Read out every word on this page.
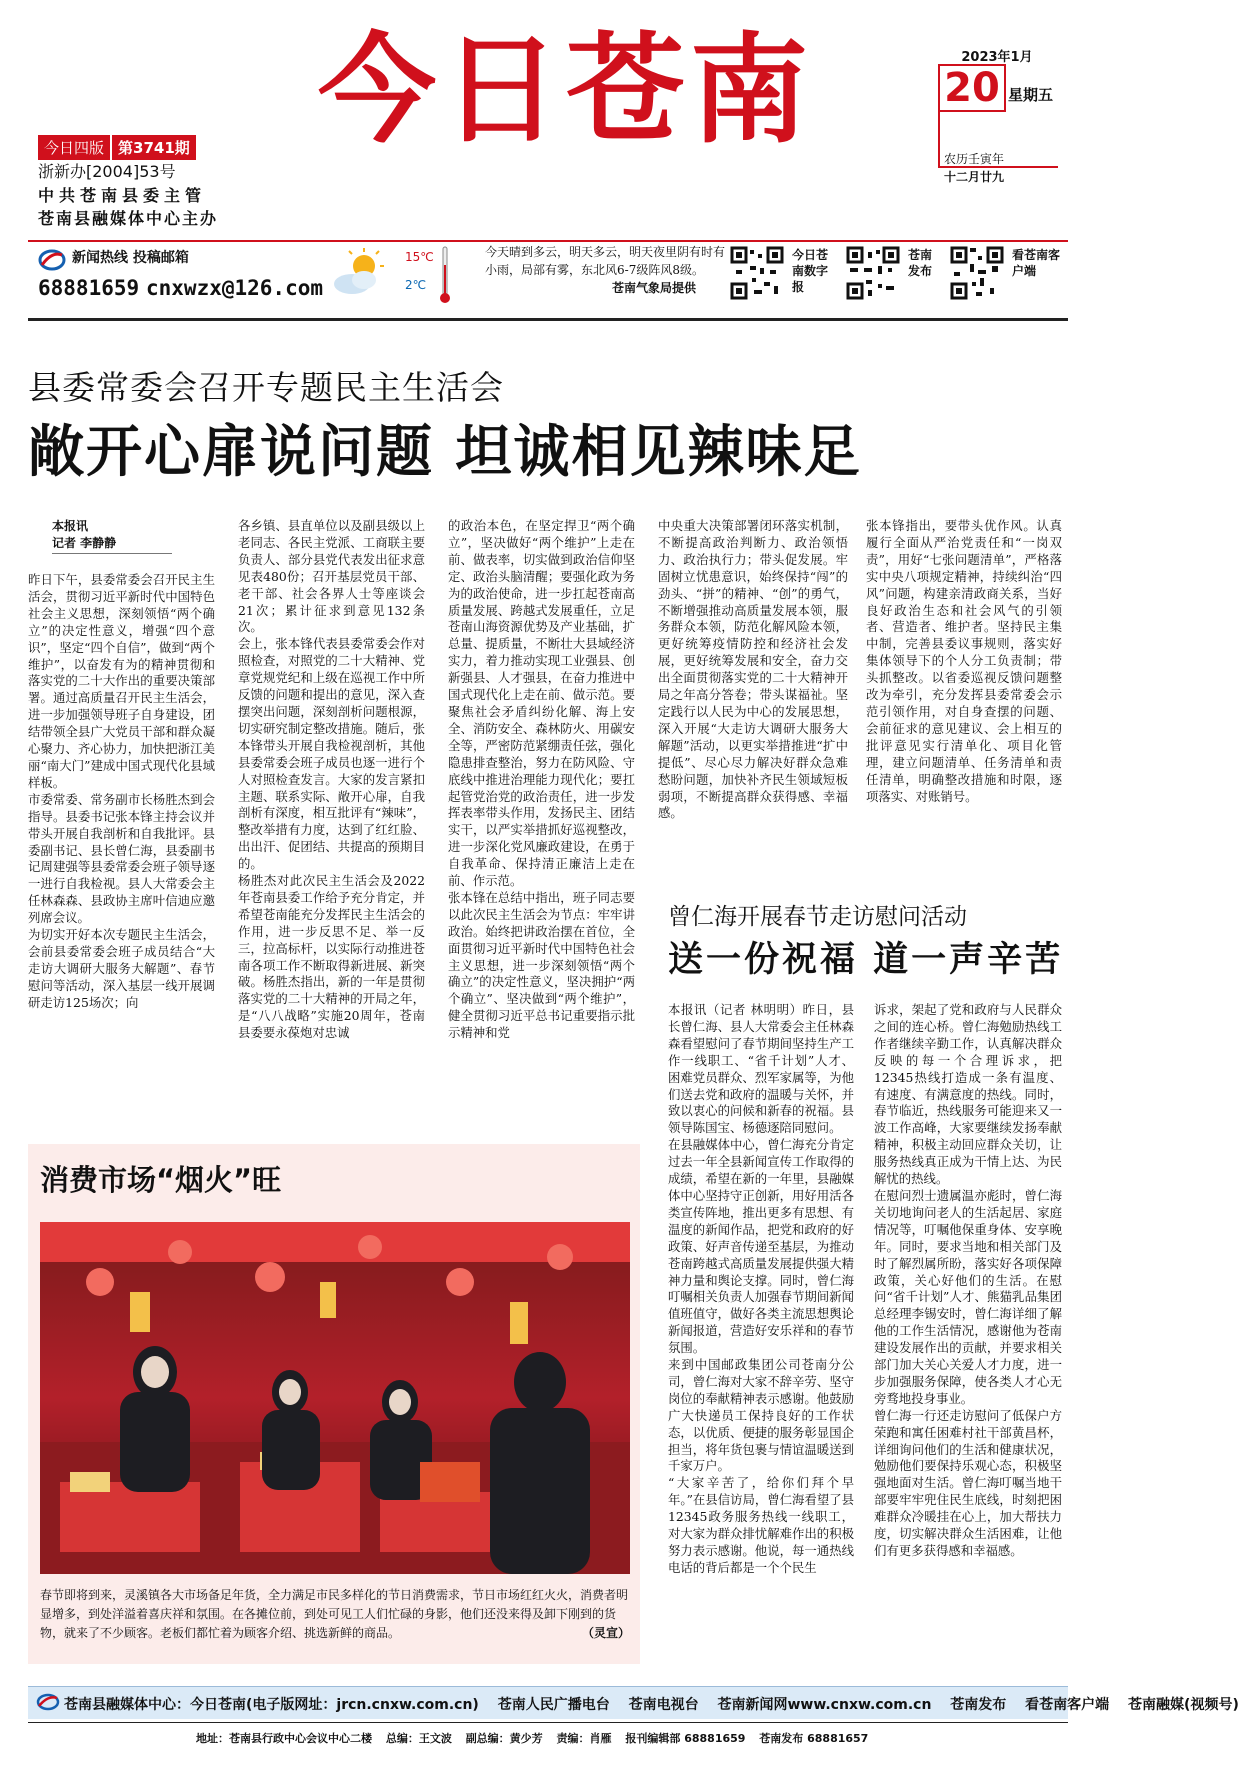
今日四版 第3741期
浙新办[2004]53号
中共苍南县委主管
苍南县融媒体中心主办
今日苍南	2023年1月
20 星期五
农历壬寅年
十二月廿九
新闻热线 投稿邮箱
68881659 cnxwzx@126.com
15℃
2℃
今天晴到多云，明天多云，明天夜里阴有时有小雨，局部有雾，东北风6-7级阵风8级。
苍南气象局提供
今日苍南数字报
苍南发布
看苍南客户端
县委常委会召开专题民主生活会
敞开心扉说问题 坦诚相见辣味足
本报讯
记者 李静静
昨日下午，县委常委会召开民主生活会，贯彻习近平新时代中国特色社会主义思想，深刻领悟“两个确立”的决定性意义，增强“四个意识”，坚定“四个自信”，做到“两个维护”，以奋发有为的精神贯彻和落实党的二十大作出的重要决策部署。通过高质量召开民主生活会，进一步加强领导班子自身建设，团结带领全县广大党员干部和群众凝心聚力、齐心协力，加快把浙江美丽“南大门”建成中国式现代化县域样板。
市委常委、常务副市长杨胜杰到会指导。县委书记张本锋主持会议并带头开展自我剖析和自我批评。县委副书记、县长曾仁海，县委副书记周建强等县委常委会班子领导逐一进行自我检视。县人大常委会主任林森森、县政协主席叶信迪应邀列席会议。
为切实开好本次专题民主生活会，会前县委常委会班子成员结合“大走访大调研大服务大解题”、春节慰问等活动，深入基层一线开展调研走访125场次；向
各乡镇、县直单位以及副县级以上老同志、各民主党派、工商联主要负责人、部分县党代表发出征求意见表480份；召开基层党员干部、老干部、社会各界人士等座谈会21次；累计征求到意见132条次。
会上，张本锋代表县委常委会作对照检查，对照党的二十大精神、党章党规党纪和上级在巡视工作中所反馈的问题和提出的意见，深入查摆突出问题，深刻剖析问题根源，切实研究制定整改措施。随后，张本锋带头开展自我检视剖析，其他县委常委会班子成员也逐一进行个人对照检查发言。大家的发言紧扣主题、联系实际、敞开心扉，自我剖析有深度，相互批评有“辣味”，整改举措有力度，达到了红红脸、出出汗、促团结、共提高的预期目的。
杨胜杰对此次民主生活会及2022年苍南县委工作给予充分肯定，并希望苍南能充分发挥民主生活会的作用，进一步反思不足、举一反三，拉高标杆，以实际行动推进苍南各项工作不断取得新进展、新突破。杨胜杰指出，新的一年是贯彻落实党的二十大精神的开局之年，是“八八战略”实施20周年，苍南县委要永葆炮对忠诚
的政治本色，在坚定捍卫“两个确立”，坚决做好“两个维护”上走在前、做表率，切实做到政治信仰坚定、政治头脑清醒；要强化政为务为的政治使命，进一步扛起苍南高质量发展、跨越式发展重任，立足苍南山海资源优势及产业基础，扩总量、提质量，不断壮大县域经济实力，着力推动实现工业强县、创新强县、人才强县，在奋力推进中国式现代化上走在前、做示范。要聚焦社会矛盾纠纷化解、海上安全、消防安全、森林防火、用碳安全等，严密防范紧绷责任弦，强化隐患排查整治，努力在防风险、守底线中推进治理能力现代化；要扛起管党治党的政治责任，进一步发挥表率带头作用，发扬民主、团结实干，以严实举措抓好巡视整改，进一步深化党风廉政建设，在勇于自我革命、保持清正廉洁上走在前、作示范。
张本锋在总结中指出，班子同志要以此次民主生活会为节点：牢牢讲政治。始终把讲政治摆在首位，全面贯彻习近平新时代中国特色社会主义思想，进一步深刻领悟“两个确立”的决定性意义，坚决拥护“两个确立”、坚决做到“两个维护”，健全贯彻习近平总书记重要指示批示精神和党
中央重大决策部署闭环落实机制，不断提高政治判断力、政治领悟力、政治执行力；带头促发展。牢固树立忧患意识，始终保持“闯”的劲头、“拼”的精神、“创”的勇气，不断增强推动高质量发展本领，服务群众本领，防范化解风险本领，更好统筹疫情防控和经济社会发展，更好统筹发展和安全，奋力交出全面贯彻落实党的二十大精神开局之年高分答卷；带头谋福祉。坚定践行以人民为中心的发展思想，深入开展“大走访大调研大服务大解题”活动，以更实举措推进“扩中提低”、尽心尽力解决好群众急难愁盼问题，加快补齐民生领域短板弱项，不断提高群众获得感、幸福感。
张本锋指出，要带头优作风。认真履行全面从严治党责任和“一岗双责”，用好“七张问题清单”，严格落实中央八项规定精神，持续纠治“四风”问题，构建亲清政商关系，当好良好政治生态和社会风气的引领者、营造者、维护者。坚持民主集中制，完善县委议事规则，落实好集体领导下的个人分工负责制；带头抓整改。以省委巡视反馈问题整改为牵引，充分发挥县委常委会示范引领作用，对自身查摆的问题、会前征求的意见建议、会上相互的批评意见实行清单化、项目化管理，建立问题清单、任务清单和责任清单，明确整改措施和时限，逐项落实、对账销号。
曾仁海开展春节走访慰问活动
送一份祝福 道一声辛苦
本报讯（记者 林明明）昨日，县长曾仁海、县人大常委会主任林森森看望慰问了春节期间坚持生产工作一线职工、“省千计划”人才、困难党员群众、烈军家属等，为他们送去党和政府的温暖与关怀，并致以衷心的问候和新春的祝福。县领导陈国宝、杨德逐陪同慰问。
在县融媒体中心，曾仁海充分肯定过去一年全县新闻宣传工作取得的成绩，希望在新的一年里，县融媒体中心坚持守正创新，用好用活各类宣传阵地，推出更多有思想、有温度的新闻作品，把党和政府的好政策、好声音传递至基层，为推动苍南跨越式高质量发展提供强大精神力量和舆论支撑。同时，曾仁海叮嘱相关负责人加强春节期间新闻值班值守，做好各类主流思想舆论新闻报道，营造好安乐祥和的春节氛围。
来到中国邮政集团公司苍南分公司，曾仁海对大家不辞辛劳、坚守岗位的奉献精神表示感谢。他鼓励广大快递员工保持良好的工作状态，以优质、便捷的服务彰显国企担当，将年货包裹与情谊温暖送到千家万户。
“大家辛苦了，给你们拜个早年。”在县信访局，曾仁海看望了县12345政务服务热线一线职工，对大家为群众排忧解难作出的积极努力表示感谢。他说，每一通热线电话的背后都是一个个民生
诉求，架起了党和政府与人民群众之间的连心桥。曾仁海勉励热线工作者继续辛勤工作，认真解决群众反映的每一个合理诉求，把12345热线打造成一条有温度、有速度、有满意度的热线。同时，春节临近，热线服务可能迎来又一波工作高峰，大家要继续发扬奉献精神，积极主动回应群众关切，让服务热线真正成为干情上达、为民解忧的热线。
在慰问烈士遗属温亦彪时，曾仁海关切地询问老人的生活起居、家庭情况等，叮嘱他保重身体、安享晚年。同时，要求当地和相关部门及时了解烈属所盼，落实好各项保障政策，关心好他们的生活。在慰问“省千计划”人才、熊猫乳品集团总经理李锡安时，曾仁海详细了解他的工作生活情况，感谢他为苍南建设发展作出的贡献，并要求相关部门加大关心关爱人才力度，进一步加强服务保障，使各类人才心无旁骛地投身事业。
曾仁海一行还走访慰问了低保户方荣跑和寓任困难村社干部黄昌杯，详细询问他们的生活和健康状况，勉励他们要保持乐观心态，积极坚强地面对生活。曾仁海叮嘱当地干部要牢牢兜住民生底线，时刻把困难群众冷暖挂在心上，加大帮扶力度，切实解决群众生活困难，让他们有更多获得感和幸福感。
消费市场“烟火”旺
春节即将到来，灵溪镇各大市场备足年货，全力满足市民多样化的节日消费需求，节日市场红红火火，消费者明显增多，到处洋溢着喜庆祥和氛围。在各摊位前，到处可见工人们忙碌的身影，他们还没来得及卸下刚到的货物，就来了不少顾客。老板们都忙着为顾客介绍、挑选新鲜的商品。	（灵宣）
苍南县融媒体中心：今日苍南(电子版网址：jrcn.cnxw.com.cn) 苍南人民广播电台 苍南电视台 苍南新闻网www.cnxw.com.cn 苍南发布 看苍南客户端 苍南融媒(视频号)
地址：苍南县行政中心会议中心二楼 总编：王文波 副总编：黄少芳 责编：肖雁 报刊编辑部 68881659 苍南发布 68881657
